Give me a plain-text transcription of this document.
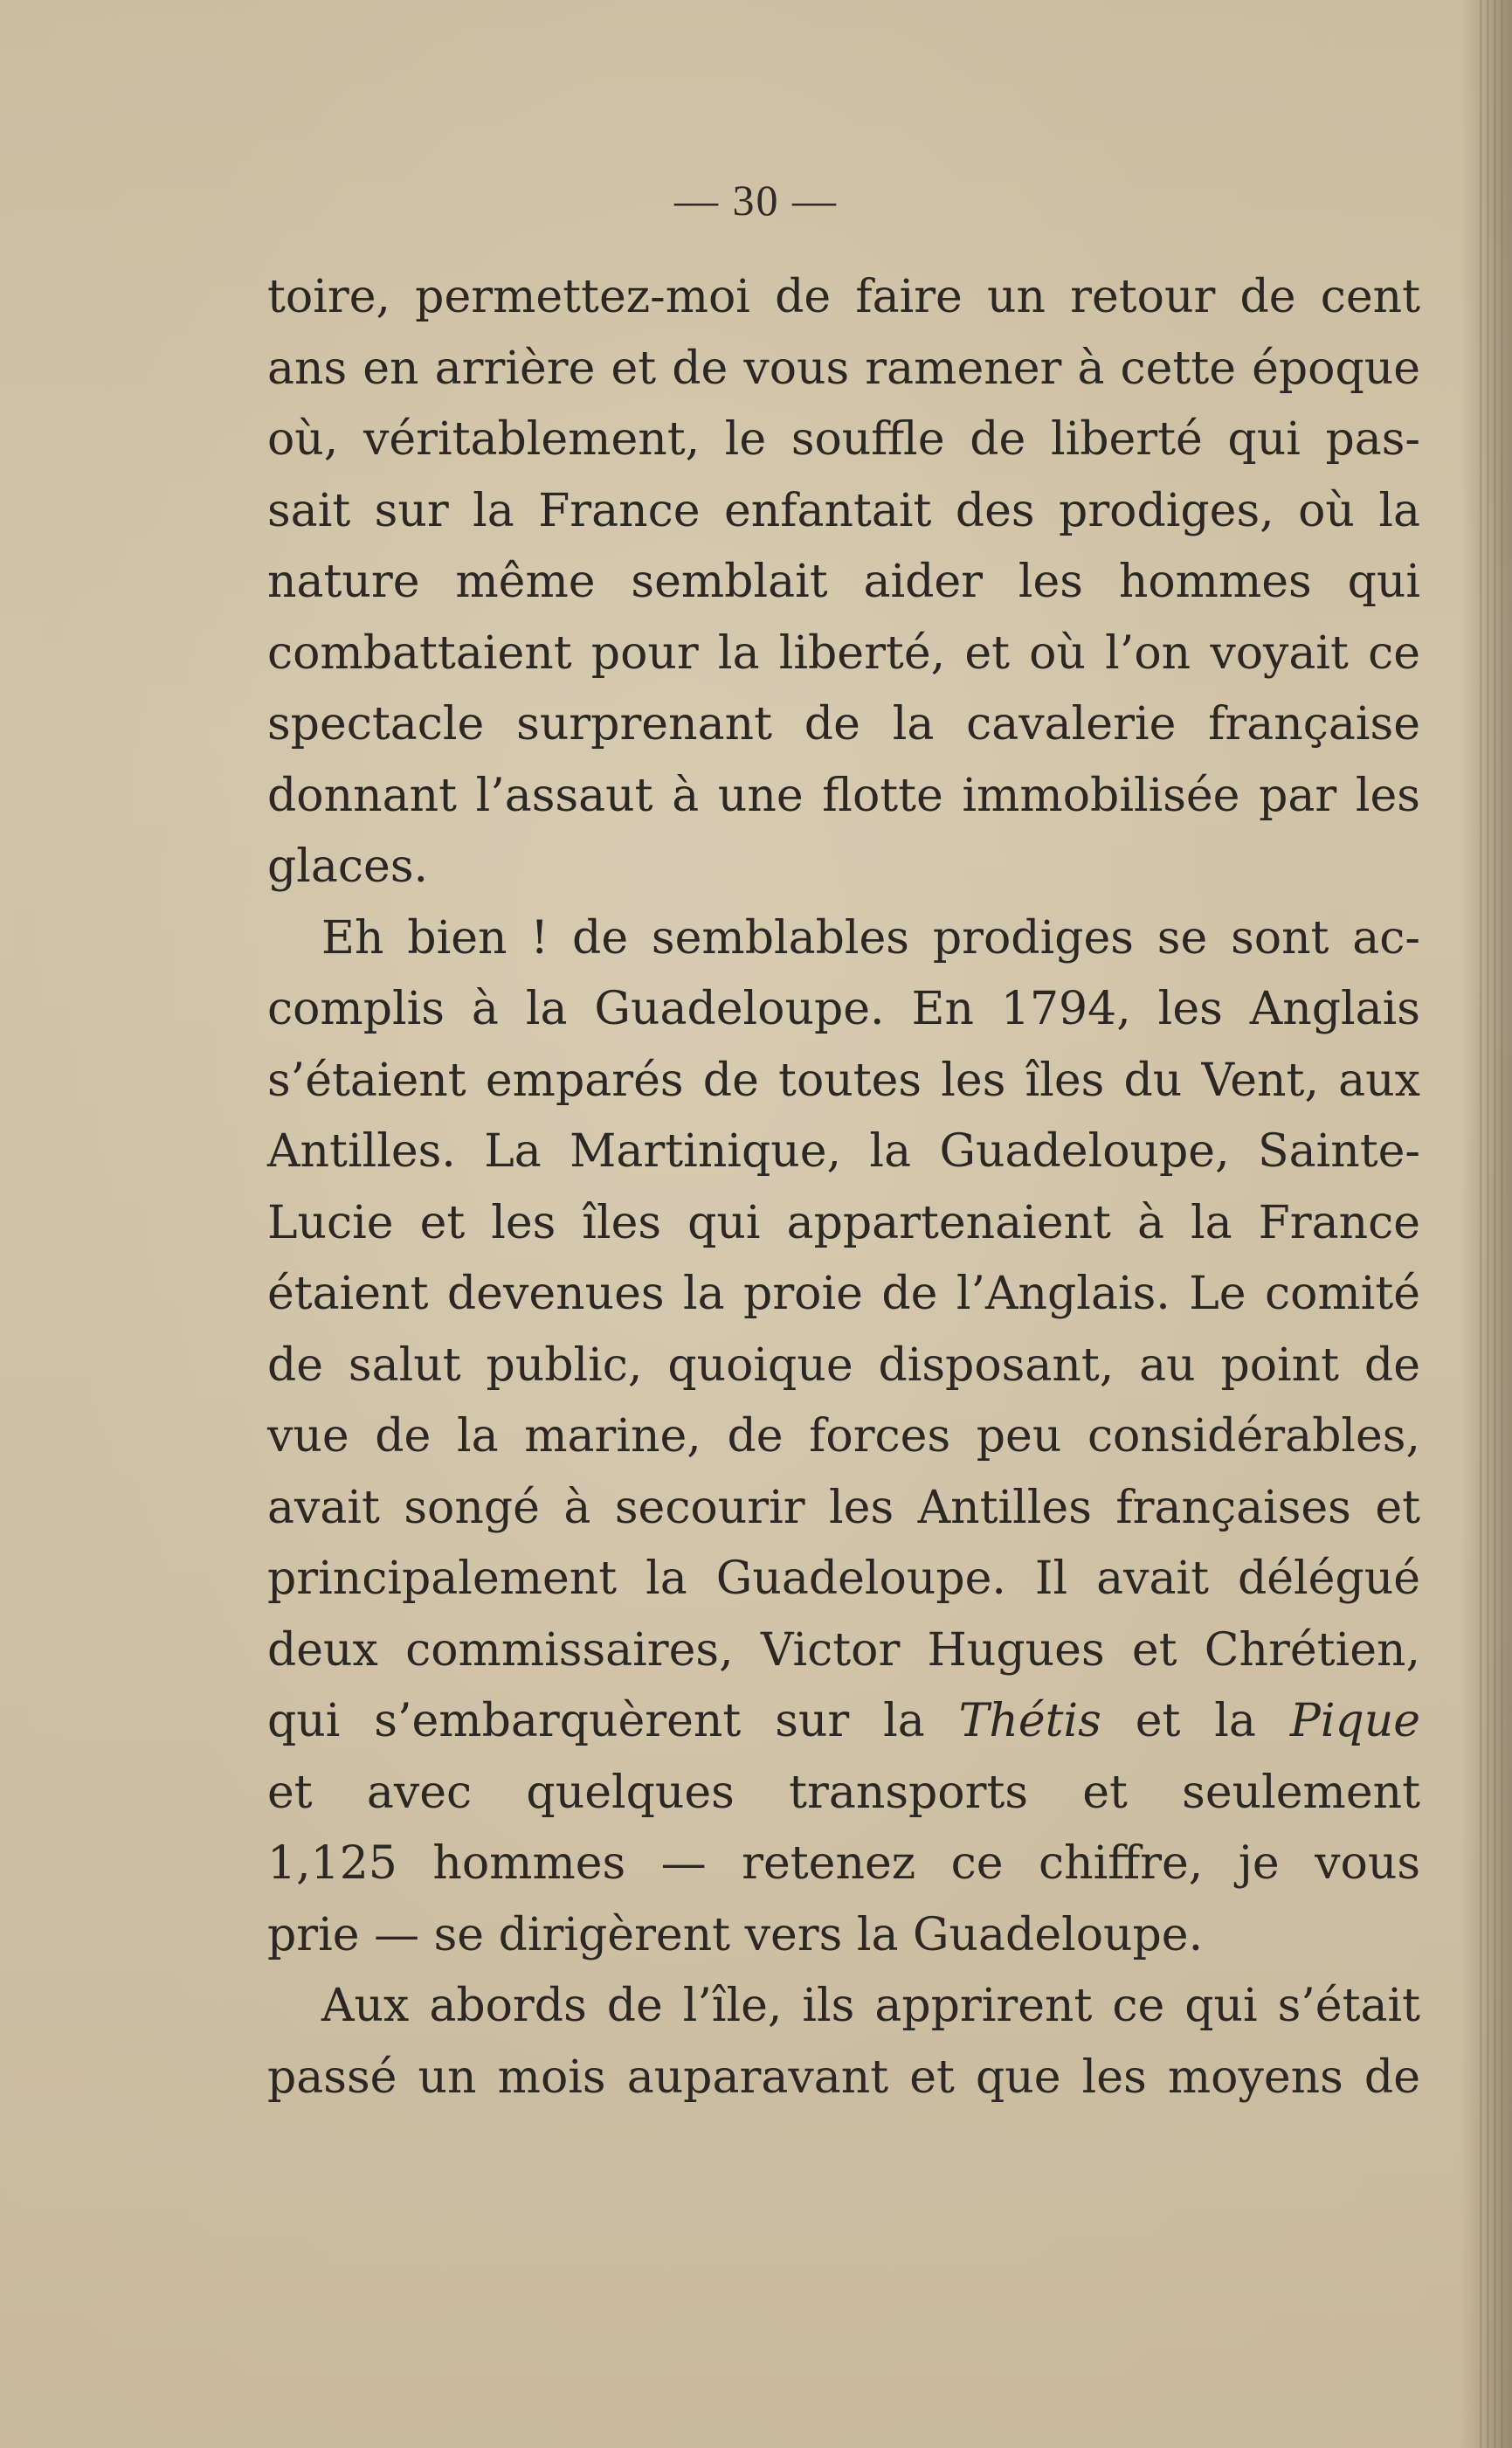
— 30 —
toire, permettez-moi de faire un retour de cent
ans en arrière et de vous ramener à cette époque
où, véritablement, le souffle de liberté qui pas-
sait sur la France enfantait des prodiges, où la
nature même semblait aider les hommes qui
combattaient pour la liberté, et où l’on voyait ce
spectacle surprenant de la cavalerie française
donnant l’assaut à une flotte immobilisée par les
glaces.
Eh bien ! de semblables prodiges se sont ac-
complis à la Guadeloupe. En 1794, les Anglais
s’étaient emparés de toutes les îles du Vent, aux
Antilles. La Martinique, la Guadeloupe, Sainte-
Lucie et les îles qui appartenaient à la France
étaient devenues la proie de l’Anglais. Le comité
de salut public, quoique disposant, au point de
vue de la marine, de forces peu considérables,
avait songé à secourir les Antilles françaises et
principalement la Guadeloupe. Il avait délégué
deux commissaires, Victor Hugues et Chrétien,
qui s’embarquèrent sur la Thétis et la Pique
et avec quelques transports et seulement
1,125 hommes — retenez ce chiffre, je vous
prie — se dirigèrent vers la Guadeloupe.
Aux abords de l’île, ils apprirent ce qui s’était
passé un mois auparavant et que les moyens de
